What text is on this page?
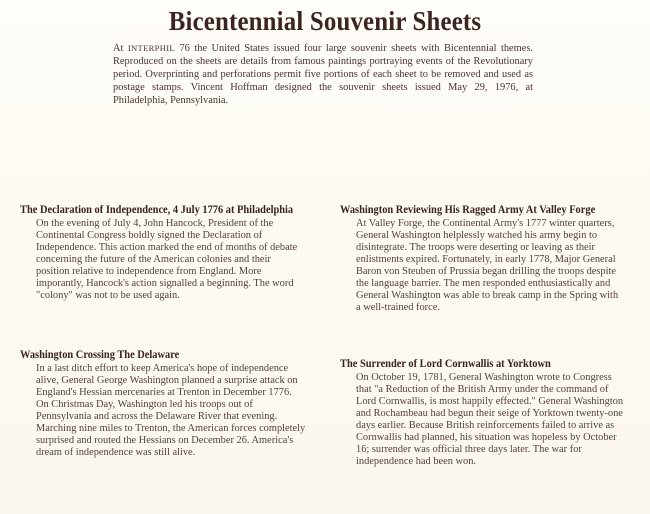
Bicentennial Souvenir Sheets

At INTERPHIL 76 the United States issued four large souvenir sheets with Bicentennial themes. Reproduced on the sheets are details from famous paintings portraying events of the Revolutionary period. Overprinting and perforations permit five portions of each sheet to be removed and used as postage stamps. Vincent Hoffman designed the souvenir sheets issued May 29, 1976, at Philadelphia, Pennsylvania.

The Declaration of Independence, 4 July 1776 at Philadelphia

On the evening of July 4, John Hancock, President of the Continental Congress boldly signed the Declaration of Independence. This action marked the end of months of debate concerning the future of the American colonies and their position relative to independence from England. More imporantly, Hancock's action signalled a beginning. The word "colony" was not to be used again.

Washington Crossing The Delaware

In a last ditch effort to keep America's hope of independence alive, General George Washington planned a surprise attack on England's Hessian mercenaries at Trenton in December 1776. On Christmas Day, Washington led his troops out of Pennsylvania and across the Delaware River that evening. Marching nine miles to Trenton, the American forces completely surprised and routed the Hessians on December 26. America's dream of independence was still alive.

Washington Reviewing His Ragged Army At Valley Forge

At Valley Forge, the Continental Army's 1777 winter quarters, General Washington helplessly watched his army begin to disintegrate. The troops were deserting or leaving as their enlistments expired. Fortunately, in early 1778, Major General Baron von Steuben of Prussia began drilling the troops despite the language barrier. The men responded enthusiastically and General Washington was able to break camp in the Spring with a well-trained force.

The Surrender of Lord Cornwallis at Yorktown

On October 19, 1781, General Washington wrote to Congress that "a Reduction of the British Army under the command of Lord Cornwallis, is most happily effected." General Washington and Rochambeau had begun their seige of Yorktown twenty-one days earlier. Because British reinforcements failed to arrive as Cornwallis had planned, his situation was hopeless by October 16; surrender was official three days later. The war for independence had been won.
